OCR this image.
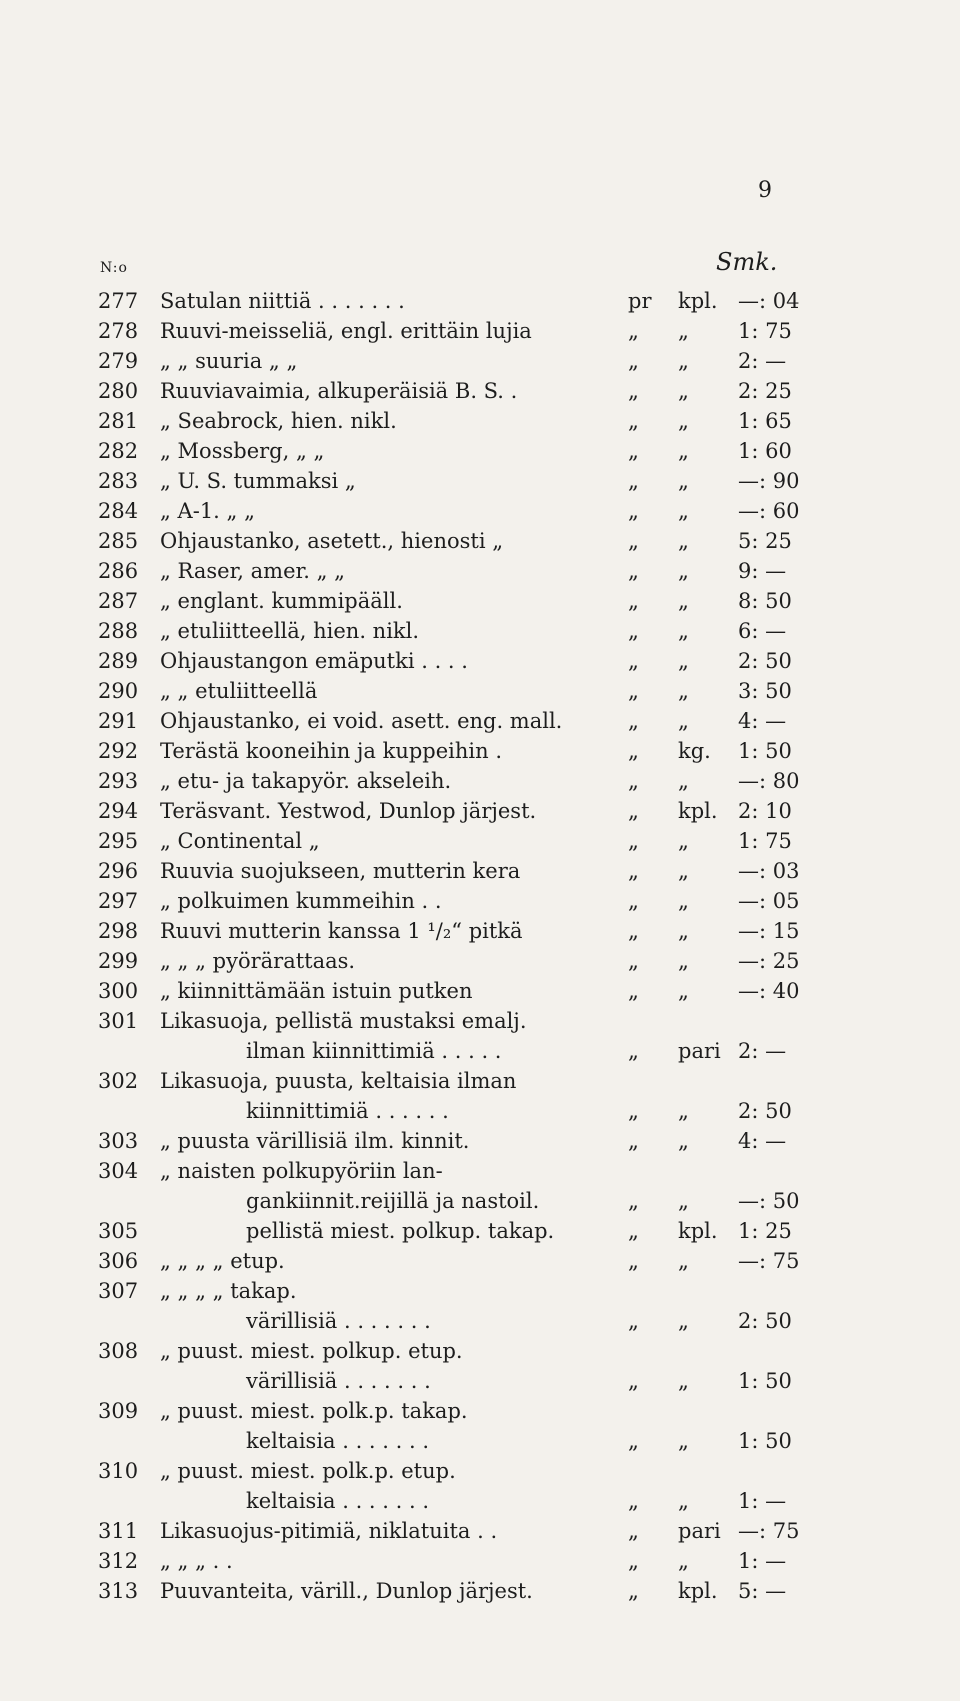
9
N:o	Smk.
277	Satulan niittiä . . . . . . .	pr	kpl. —: 04
278	Ruuvi-meisseliä, engl. erittäin lujia	„	„	1: 75
279	„ „ suuria „ „	„	„	2: —
280	Ruuviavaimia, alkuperäisiä B. S. .	„	„	2: 25
281	„ Seabrock, hien. nikl.	„	„	1: 65
282	„ Mossberg, „ „	„	„	1: 60
283	„ U. S. tummaksi „	„	„	—: 90
284	„ A-1. „ „	„	„	—: 60
285	Ohjaustanko, asetett., hienosti „	„	„	5: 25
286	„ Raser, amer. „ „	„	„	9: —
287	„ englant. kummipääll.	„	„	8: 50
288	„ etuliitteellä, hien. nikl.	„	„	6: —
289	Ohjaustangon emäputki . . . .	„	„	2: 50
290	„ „ etuliitteellä	„	„	3: 50
291	Ohjaustanko, ei void. asett. eng. mall.	„	„	4: —
292	Terästä kooneihin ja kuppeihin .	„	kg.	1: 50
293	„ etu- ja takapyör. akseleih.	„	„	—: 80
294	Teräsvant. Yestwod, Dunlop järjest.	„	kpl. 2: 10
295	„ Continental „	„	„	1: 75
296	Ruuvia suojukseen, mutterin kera	„	„	—: 03
297	„ polkuimen kummeihin . .	„	„	—: 05
298	Ruuvi mutterin kanssa 1 ¹/₂“ pitkä	„	„	—: 15
299	„ „ „ pyörärattaas.	„	„	—: 25
300	„ kiinnittämään istuin putken	„	„	—: 40
301	Likasuoja, pellistä mustaksi emalj.
ilman kiinnittimiä . . . . .	„	pari 2: —
302	Likasuoja, puusta, keltaisia ilman
kiinnittimiä . . . . . .	„	„	2: 50
303	„ puusta värillisiä ilm. kinnit.	„	„	4: —
304	„ naisten polkupyöriin lan-
gankiinnit.reijillä ja nastoil.	„	„	—: 50
305	pellistä miest. polkup. takap.	„	kpl. 1: 25
306	„ „ „ „ etup.	„	„	—: 75
307	„ „ „ „ takap.
värillisiä . . . . . . .	„	„	2: 50
308	„ puust. miest. polkup. etup.
värillisiä . . . . . . .	„	„	1: 50
309	„ puust. miest. polk.p. takap.
keltaisia . . . . . . .	„	„	1: 50
310	„ puust. miest. polk.p. etup.
keltaisia . . . . . . .	„	„	1: —
311	Likasuojus-pitimiä, niklatuita . .	„	pari —: 75
312	„ „ „ . .	„	„	1: —
313	Puuvanteita, värill., Dunlop järjest.	„	kpl. 5: —
